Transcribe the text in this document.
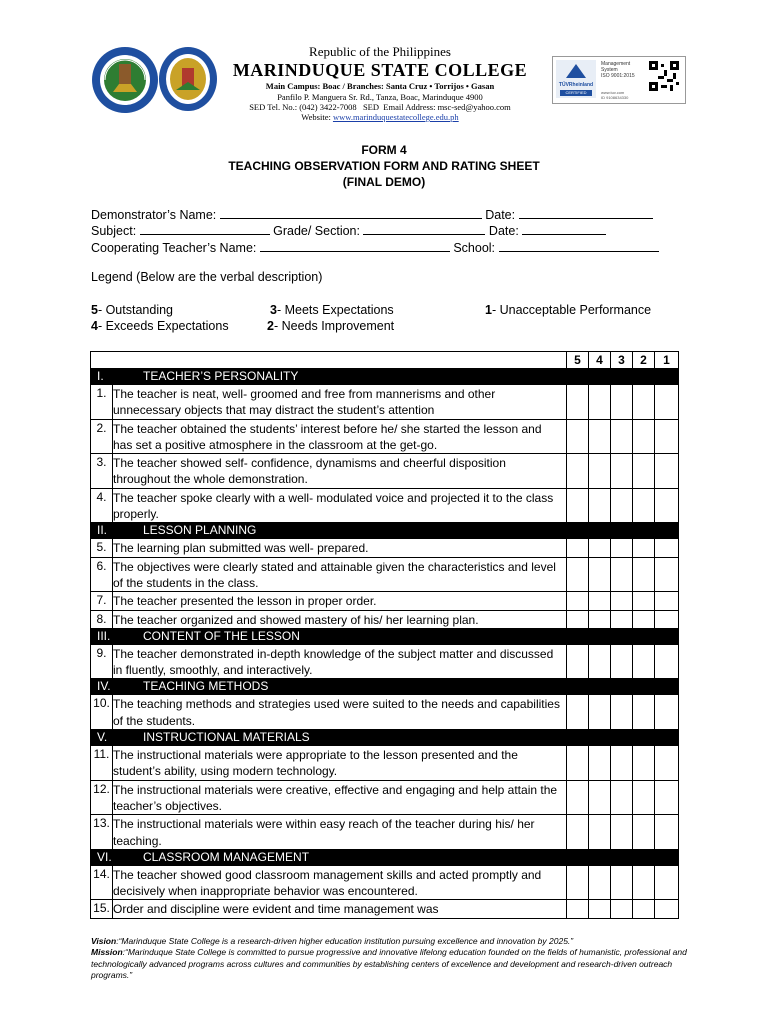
Republic of the Philippines
MARINDUQUE STATE COLLEGE
Main Campus: Boac / Branches: Santa Cruz • Torrijos • Gasan
Panfilo P. Manguera Sr. Rd., Tanza, Boac, Marinduque 4900
SED Tel. No.: (042) 3422-7008   SED  Email Address: msc-sed@yahoo.com
Website: www.marinduquestatecollege.edu.ph
TÜVRheinland
CERTIFIED
Management
System
ISO 9001:2015
www.tuv.com
ID 9108634330
FORM 4
TEACHING OBSERVATION FORM AND RATING SHEET
(FINAL DEMO)
Demonstrator’s Name:	Date:
Subject:	Grade/ Section:	Date:
Cooperating Teacher’s Name:	School:
Legend (Below are the verbal description)
5- Outstanding	3- Meets Expectations	1- Unacceptable Performance
4- Exceeds Expectations	2- Needs Improvement
		5	4	3	2	1
I.	TEACHER’S PERSONALITY					
1.	The teacher is neat, well- groomed and free from mannerisms and other unnecessary objects that may distract the student’s attention					
2.	The teacher obtained the students’ interest before he/ she started the lesson and has set a positive atmosphere in the classroom at the get-go.					
3.	The teacher showed self- confidence, dynamisms and cheerful disposition throughout the whole demonstration.					
4.	The teacher spoke clearly with a well- modulated voice and projected it to the class properly.					
II.	LESSON PLANNING					
5.	The learning plan submitted was well- prepared.					
6.	The objectives were clearly stated and attainable given the characteristics and level of the students in the class.					
7.	The teacher presented the lesson in proper order.					
8.	The teacher organized and showed mastery of his/ her learning plan.					
III.	CONTENT OF THE LESSON					
9.	The teacher demonstrated in-depth knowledge of the subject matter and discussed in fluently, smoothly, and interactively.					
IV.	TEACHING METHODS					
10.	The teaching methods and strategies used were suited to the needs and capabilities of the students.					
V.	INSTRUCTIONAL MATERIALS					
11.	The instructional materials were appropriate to the lesson presented and the student’s ability, using modern technology.					
12.	The instructional materials were creative, effective and engaging and help attain the teacher’s objectives.					
13.	The instructional materials were within easy reach of the teacher during his/ her teaching.					
VI.	CLASSROOM MANAGEMENT					
14.	The teacher showed good classroom management skills and acted promptly and decisively when inappropriate behavior was encountered.					
15.	Order and discipline were evident and time management was					
Vision:“Marinduque State College is a research-driven higher education institution pursuing excellence and innovation by 2025.”
Mission:“Marinduque State College is committed to pursue progressive and innovative lifelong education founded on the fields of humanistic, professional and technologically advanced programs across cultures and communities by establishing centers of excellence and development and research-driven outreach programs.”
